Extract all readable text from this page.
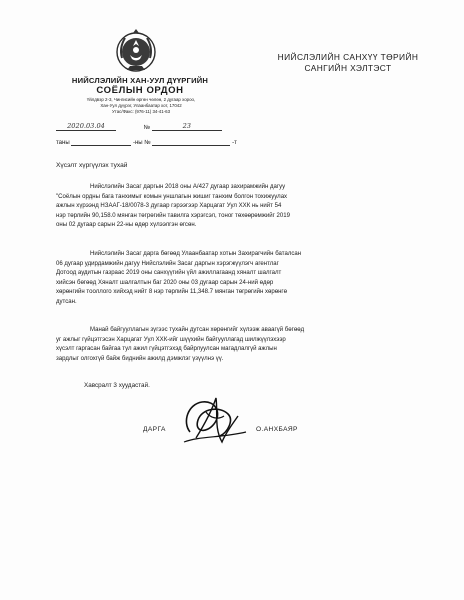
НИЙСЛЭЛИЙН ХАН-УУЛ ДҮҮРГИЙН
СОЁЛЫН ОРДОН
Үйлдвэр 2-3, Чингисийн өргөн чөлөө, 2 дугаар хороо,
Хан-Уул дүүрэг, Улаанбаатар хот, 17042
Утас/Факс: (976-11) 34-41-63
НИЙСЛЭЛИЙН САНХҮҮ ТӨРИЙН
САНГИЙН ХЭЛТЭСТ
2020.03.04	№	23
таны	-ны №	-т
Хүсэлт хүргүүлэх тухай
Нийслэлийн Засаг даргын 2018 оны А/427 дугаар захирамжийн дагуу
"Соёлын ордны бага танхимыг комын уншлагын жишиг танхим болгон тохижуулах
ажлын хүрээнд НЗААГ-18/0078-3 дугаар гэрээгээр Харцагат Уул ХХК нь нийт 54
нэр төрлийн 90,158.0 мянган төгрөгийн тавилга хэрэгсэл, тоног төхөөрөмжийг 2019
оны 02 дугаар сарын 22-ны өдөр хүлээлгэн өгсөн.
Нийслэлийн Засаг дарга бөгөөд Улаанбаатар хотын Захирагчийн баталсан
06 дугаар удирдамжийн дагуу Нийслэлийн Засаг даргын хэрэгжүүлэгч агентлаг
Дотоод аудитын газраас 2019 оны санхүүгийн үйл ажиллагаанд хяналт шалгалт
хийсэн бөгөөд Хяналт шалгалтын баг 2020 оны 03 дугаар сарын 24-ний өдөр
хөрөнгийн тооллого хийхэд нийт 8 нэр төрлийн 11,348.7 мянган төгрөгийн хөрөнгө
дутсан.
Манай байгууллагын зүгээс тухайн дутсан хөрөнгийг хүлээж аваагүй бөгөөд
уг ажлыг гүйцэтгэсэн Харцагат Уул ХХК-ийг шүүхийн байгууллагад шилжүүлэхээр
хүсэлт гаргасан байгаа тул ажил гүйцэтгэхэд байрлуулсан магадлалгүй ажлын
зардлыг олгохгүй байж биднийн ажилд дэмжлэг үзүүлнэ үү.
Хавсралт 3 хуудастай.
ДАРГА	О.АНХБАЯР
